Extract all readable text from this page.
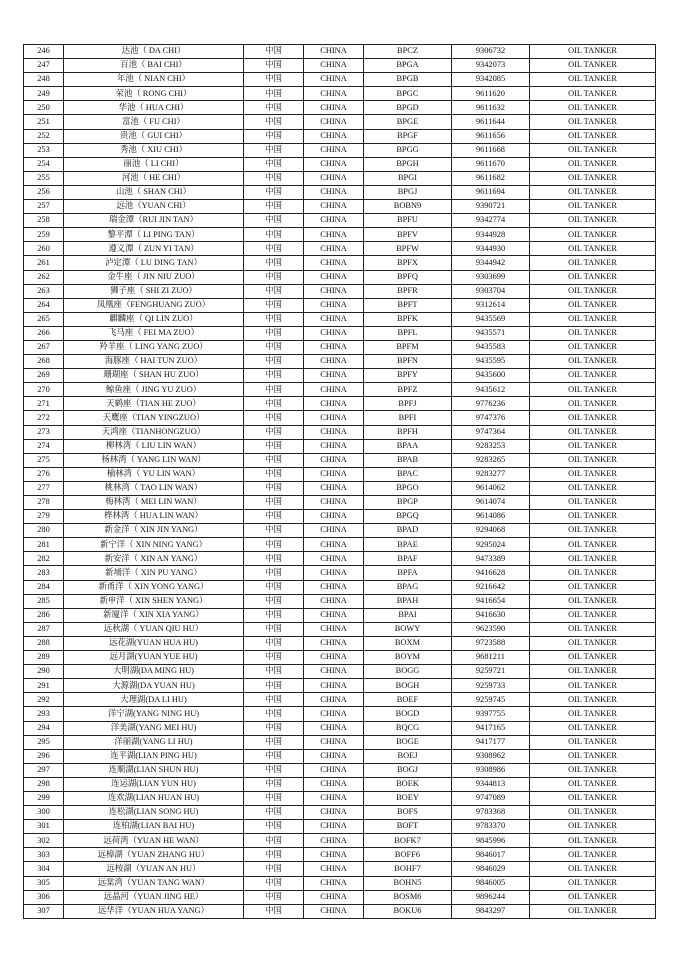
246	达池（ DA CHI）	中国	CHINA	BPCZ	9306732	OIL TANKER
247	百池（ BAI CHI）	中国	CHINA	BPGA	9342073	OIL TANKER
248	年池（ NIAN CHI）	中国	CHINA	BPGB	9342085	OIL TANKER
249	荣池（ RONG CHI）	中国	CHINA	BPGC	9611620	OIL TANKER
250	华池（ HUA CHI）	中国	CHINA	BPGD	9611632	OIL TANKER
251	富池（ FU CHI）	中国	CHINA	BPGE	9611644	OIL TANKER
252	贵池（ GUI CHI）	中国	CHINA	BPGF	9611656	OIL TANKER
253	秀池（ XIU CHI）	中国	CHINA	BPGG	9611668	OIL TANKER
254	丽池（ LI CHI）	中国	CHINA	BPGH	9611670	OIL TANKER
255	河池（ HE CHI）	中国	CHINA	BPGI	9611682	OIL TANKER
256	山池（ SHAN CHI）	中国	CHINA	BPGJ	9611694	OIL TANKER
257	远池（YUAN CHI）	中国	CHINA	BOBN9	9390721	OIL TANKER
258	瑞金潭（RUI JIN TAN）	中国	CHINA	BPFU	9342774	OIL TANKER
259	黎平潭（ LI PING TAN）	中国	CHINA	BPFV	9344928	OIL TANKER
260	遵义潭（ ZUN YI TAN）	中国	CHINA	BPFW	9344930	OIL TANKER
261	泸定潭（ LU DING TAN）	中国	CHINA	BPFX	9344942	OIL TANKER
262	金牛座（ JIN NIU ZUO）	中国	CHINA	BPFQ	9303699	OIL TANKER
263	狮子座（ SHI ZI ZUO）	中国	CHINA	BPFR	9303704	OIL TANKER
264	凤凰座（FENGHUANG ZUO）	中国	CHINA	BPFT	9312614	OIL TANKER
265	麒麟座（ QI LIN ZUO）	中国	CHINA	BPFK	9435569	OIL TANKER
266	飞马座（ FEI MA ZUO）	中国	CHINA	BPFL	9435571	OIL TANKER
267	羚羊座（ LING YANG ZUO）	中国	CHINA	BPFM	9435583	OIL TANKER
268	海豚座（ HAI TUN ZUO）	中国	CHINA	BPFN	9435595	OIL TANKER
269	珊瑚座（ SHAN HU ZUO）	中国	CHINA	BPFY	9435600	OIL TANKER
270	鲸鱼座（ JING YU ZUO）	中国	CHINA	BPFZ	9435612	OIL TANKER
271	天鹤座（TIAN HE ZUO）	中国	CHINA	BPFJ	9776236	OIL TANKER
272	天鹰座（TIAN YINGZUO）	中国	CHINA	BPFI	9747376	OIL TANKER
273	天鸿座（TIANHONGZUO）	中国	CHINA	BPFH	9747364	OIL TANKER
274	柳林湾（ LIU LIN WAN）	中国	CHINA	BPAA	9283253	OIL TANKER
275	杨林湾（ YANG LIN WAN）	中国	CHINA	BPAB	9283265	OIL TANKER
276	榆林湾（ YU LIN WAN）	中国	CHINA	BPAC	9283277	OIL TANKER
277	桃林湾（ TAO LIN WAN）	中国	CHINA	BPGO	9614062	OIL TANKER
278	梅林湾（ MEI LIN WAN）	中国	CHINA	BPGP	9614074	OIL TANKER
279	桦林湾（ HUA LIN WAN）	中国	CHINA	BPGQ	9614086	OIL TANKER
280	新金洋（ XIN JIN YANG）	中国	CHINA	BPAD	9294068	OIL TANKER
281	新宁洋（ XIN NING YANG）	中国	CHINA	BPAE	9295024	OIL TANKER
282	新安洋（ XIN AN YANG）	中国	CHINA	BPAF	9473389	OIL TANKER
283	新埔洋（ XIN PU YANG）	中国	CHINA	BPFA	9416628	OIL TANKER
284	新甬洋（ XIN YONG YANG）	中国	CHINA	BPAG	9216642	OIL TANKER
285	新申洋（ XIN SHEN YANG）	中国	CHINA	BPAH	9416654	OIL TANKER
286	新厦洋（ XIN XIA YANG）	中国	CHINA	BPAI	9416630	OIL TANKER
287	远秋湖（ YUAN QIU HU）	中国	CHINA	BOWY	9623590	OIL TANKER
288	远花湖(YUAN HUA HU)	中国	CHINA	BOXM	9723588	OIL TANKER
289	远月湖(YUAN YUE HU)	中国	CHINA	BOYM	9681211	OIL TANKER
290	大明湖(DA MING HU)	中国	CHINA	BOGG	9259721	OIL TANKER
291	大源湖(DA YUAN HU)	中国	CHINA	BOGH	9259733	OIL TANKER
292	大理湖(DA LI HU)	中国	CHINA	BOEF	9259745	OIL TANKER
293	洋宁湖(YANG NING HU)	中国	CHINA	BOGD	9397755	OIL TANKER
294	洋美湖(YANG MEI HU)	中国	CHINA	BQCG	9417165	OIL TANKER
295	洋丽湖(YANG LI HU)	中国	CHINA	BOGE	9417177	OIL TANKER
296	连平湖(LIAN PING HU)	中国	CHINA	BOEJ	9308962	OIL TANKER
297	连顺湖(LIAN SHUN HU)	中国	CHINA	BOGJ	9308986	OIL TANKER
298	连运湖(LIAN YUN HU)	中国	CHINA	BOEK	9344813	OIL TANKER
299	连欢湖(LIAN HUAN HU)	中国	CHINA	BOEY	9747089	OIL TANKER
300	连松湖(LIAN SONG HU)	中国	CHINA	BOFS	9783368	OIL TANKER
301	连柏湖(LIAN BAI HU)	中国	CHINA	BOFT	9783370	OIL TANKER
302	远荷湾（YUAN HE WAN）	中国	CHINA	BOFK7	9845996	OIL TANKER
303	远樟湖（YUAN ZHANG HU）	中国	CHINA	BOFF6	9846017	OIL TANKER
304	远桉湖（YUAN AN HU）	中国	CHINA	BOHF7	9846029	OIL TANKER
305	远棠湾（YUAN TANG WAN）	中国	CHINA	BOHN5	9846005	OIL TANKER
306	远晶河（YUAN JING HE）	中国	CHINA	BOSM6	9896244	OIL TANKER
307	远华洋（YUAN HUA YANG）	中国	CHINA	BOKU6	9843297	OIL TANKER
